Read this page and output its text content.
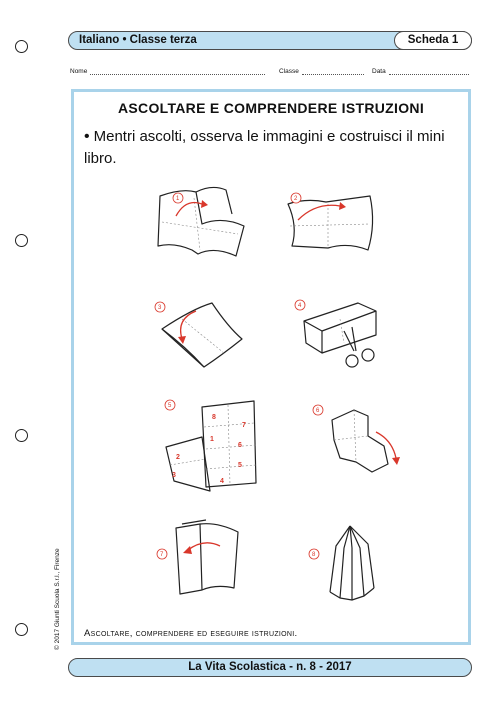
Italiano • Classe terza	Scheda 1
Nome	Classe	Data
ASCOLTARE E COMPRENDERE ISTRUZIONI
• Mentri ascolti, osserva le immagini e costruisci il mini libro.
1	2
3	4
8
7
1
6
2
5
3
4
5
6
7	8
Ascoltare, comprendere ed eseguire istruzioni.
© 2017 Giunti Scuola S.r.l., Firenze
La Vita Scolastica - n. 8 - 2017
